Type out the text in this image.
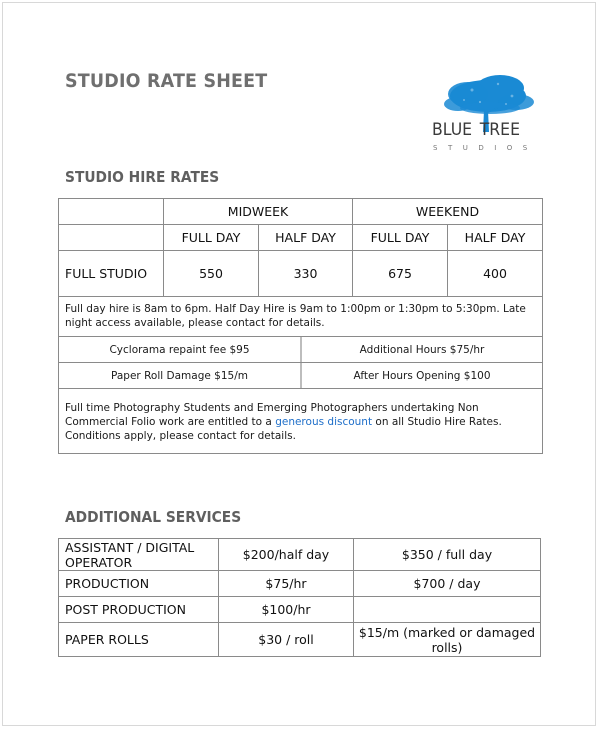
STUDIO RATE SHEET
BLUE TREE
STUDIOS
STUDIO HIRE RATES
	MIDWEEK		WEEKEND	
	FULL DAY	HALF DAY	FULL DAY	HALF DAY
FULL STUDIO	550	330	675	400
Full day hire is 8am to 6pm. Half Day Hire is 9am to 1:00pm or 1:30pm to 5:30pm. Late night access available, please contact for details.				

Cyclorama repaint fee $95 Additional Hours $75/hr				

Paper Roll Damage $15/m After Hours Opening $100				

Full time Photography Students and Emerging Photographers undertaking Non Commercial Folio work are entitled to a generous discount on all Studio Hire Rates. Conditions apply, please contact for details.				
ADDITIONAL SERVICES
ASSISTANT / DIGITAL OPERATOR	$200/half day	$350 / full day
PRODUCTION	$75/hr	$700 / day
POST PRODUCTION	$100/hr	
PAPER ROLLS	$30 / roll	$15/m (marked or damaged rolls)
